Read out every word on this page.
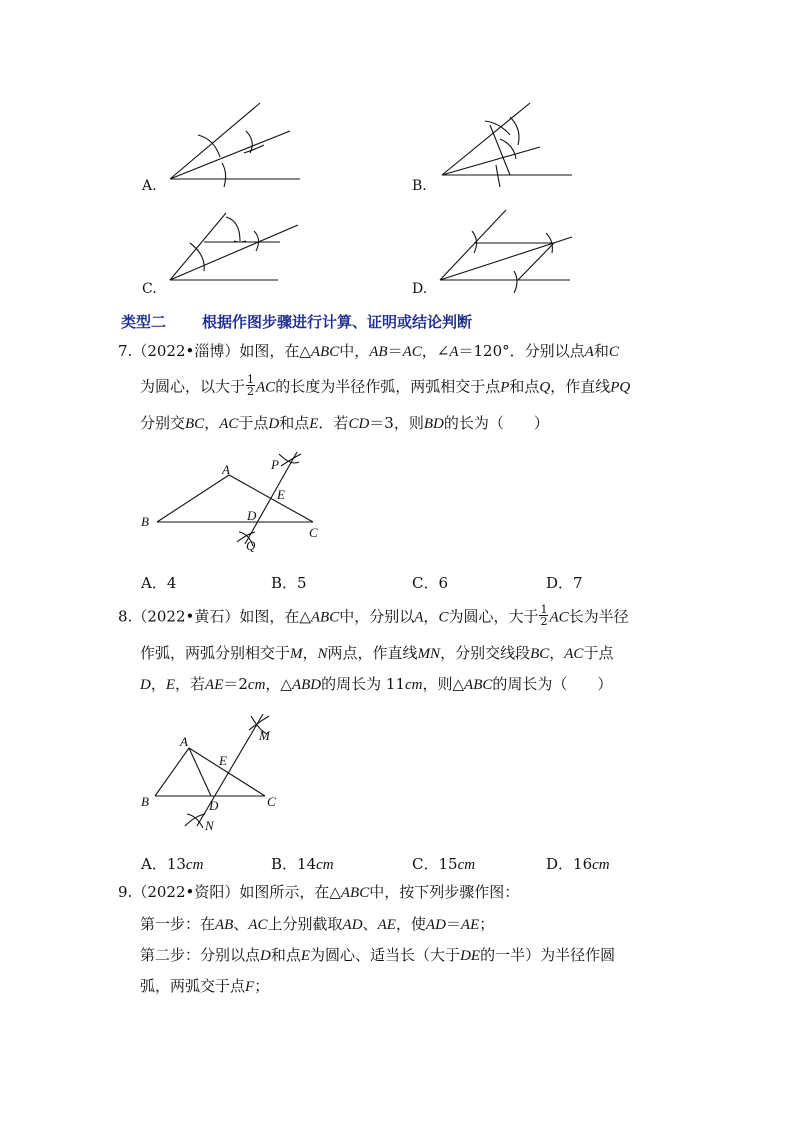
A.	B.
C.	D.
类型二 根据作图步骤进行计算、证明或结论判断
7.（2022•淄博）如图，在△ABC中，AB＝AC，∠A＝120°．分别以点A和C
为圆心，以大于 $\frac{1}{2}$ AC的长度为半径作弧，两弧相交于点P和点Q，作直线PQ
分别交BC，AC于点D和点E．若CD＝3，则BD的长为（　　）
A
B
C
P
E
D
Q
A．4	B．5	C．6	D．7
8.（2022•黄石）如图，在△ABC中，分别以A，C为圆心，大于 $\frac{1}{2}$ AC长为半径
作弧，两弧分别相交于M，N两点，作直线MN，分别交线段BC，AC于点
D，E，若AE＝2cm，△ABD的周长为 11cm，则△ABC的周长为（　　）
A
B	C
M
E
D
N
A．13cm	B．14cm	C．15cm	D．16cm
9.（2022•资阳）如图所示，在△ABC中，按下列步骤作图：
第一步：在AB、AC上分别截取AD、AE，使AD＝AE；
第二步：分别以点D和点E为圆心、适当长（大于DE的一半）为半径作圆
弧，两弧交于点F；
